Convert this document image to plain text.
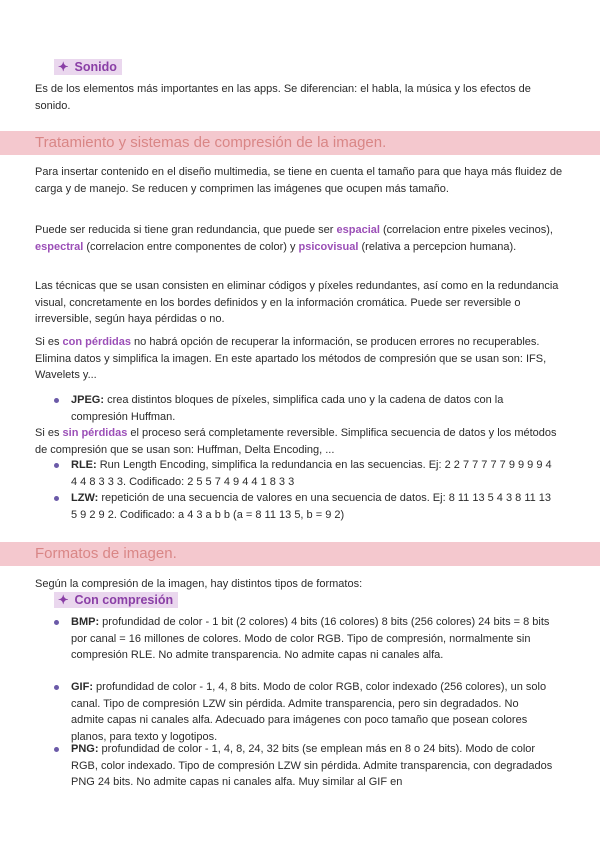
✦ Sonido

Es de los elementos más importantes en las apps. Se diferencian: el habla, la música y los efectos de sonido.

Tratamiento y sistemas de compresión de la imagen.

Para insertar contenido en el diseño multimedia, se tiene en cuenta el tamaño para que haya más fluidez de carga y de manejo. Se reducen y comprimen las imágenes que ocupen más tamaño.

Puede ser reducida si tiene gran redundancia, que puede ser espacial (correlacion entre pixeles vecinos), espectral (correlacion entre componentes de color) y psicovisual (relativa a percepcion humana).

Las técnicas que se usan consisten en eliminar códigos y píxeles redundantes, así como en la redundancia visual, concretamente en los bordes definidos y en la información cromática. Puede ser reversible o irreversible, según haya pérdidas o no.

Si es con pérdidas no habrá opción de recuperar la información, se producen errores no recuperables. Elimina datos y simplifica la imagen. En este apartado los métodos de compresión que se usan son: IFS, Wavelets y...

JPEG: crea distintos bloques de píxeles, simplifica cada uno y la cadena de datos con la compresión Huffman.

Si es sin pérdidas el proceso será completamente reversible. Simplifica secuencia de datos y los métodos de compresión que se usan son: Huffman, Delta Encoding, ...

RLE: Run Length Encoding, simplifica la redundancia en las secuencias. Ej: 2 2 7 7 7 7 7 9 9 9 9 4 4 4 8 3 3 3. Codificado: 2 5 5 7 4 9 4 4 1 8 3 3
LZW: repetición de una secuencia de valores en una secuencia de datos. Ej: 8 11 13 5 4 3 8 11 13 5 9 2 9 2. Codificado: a 4 3 a b b (a = 8 11 13 5, b = 9 2)
Formatos de imagen.

Según la compresión de la imagen, hay distintos tipos de formatos:

✦ Con compresión
BMP: profundidad de color - 1 bit (2 colores) 4 bits (16 colores) 8 bits (256 colores) 24 bits = 8 bits por canal = 16 millones de colores. Modo de color RGB. Tipo de compresión, normalmente sin compresión RLE. No admite transparencia. No admite capas ni canales alfa.
GIF: profundidad de color - 1, 4, 8 bits. Modo de color RGB, color indexado (256 colores), un solo canal. Tipo de compresión LZW sin pérdida. Admite transparencia, pero sin degradados. No admite capas ni canales alfa. Adecuado para imágenes con poco tamaño que posean colores planos, para texto y logotipos.
PNG: profundidad de color - 1, 4, 8, 24, 32 bits (se emplean más en 8 o 24 bits). Modo de color RGB, color indexado. Tipo de compresión LZW sin pérdida. Admite transparencia, con degradados PNG 24 bits. No admite capas ni canales alfa. Muy similar al GIF en
